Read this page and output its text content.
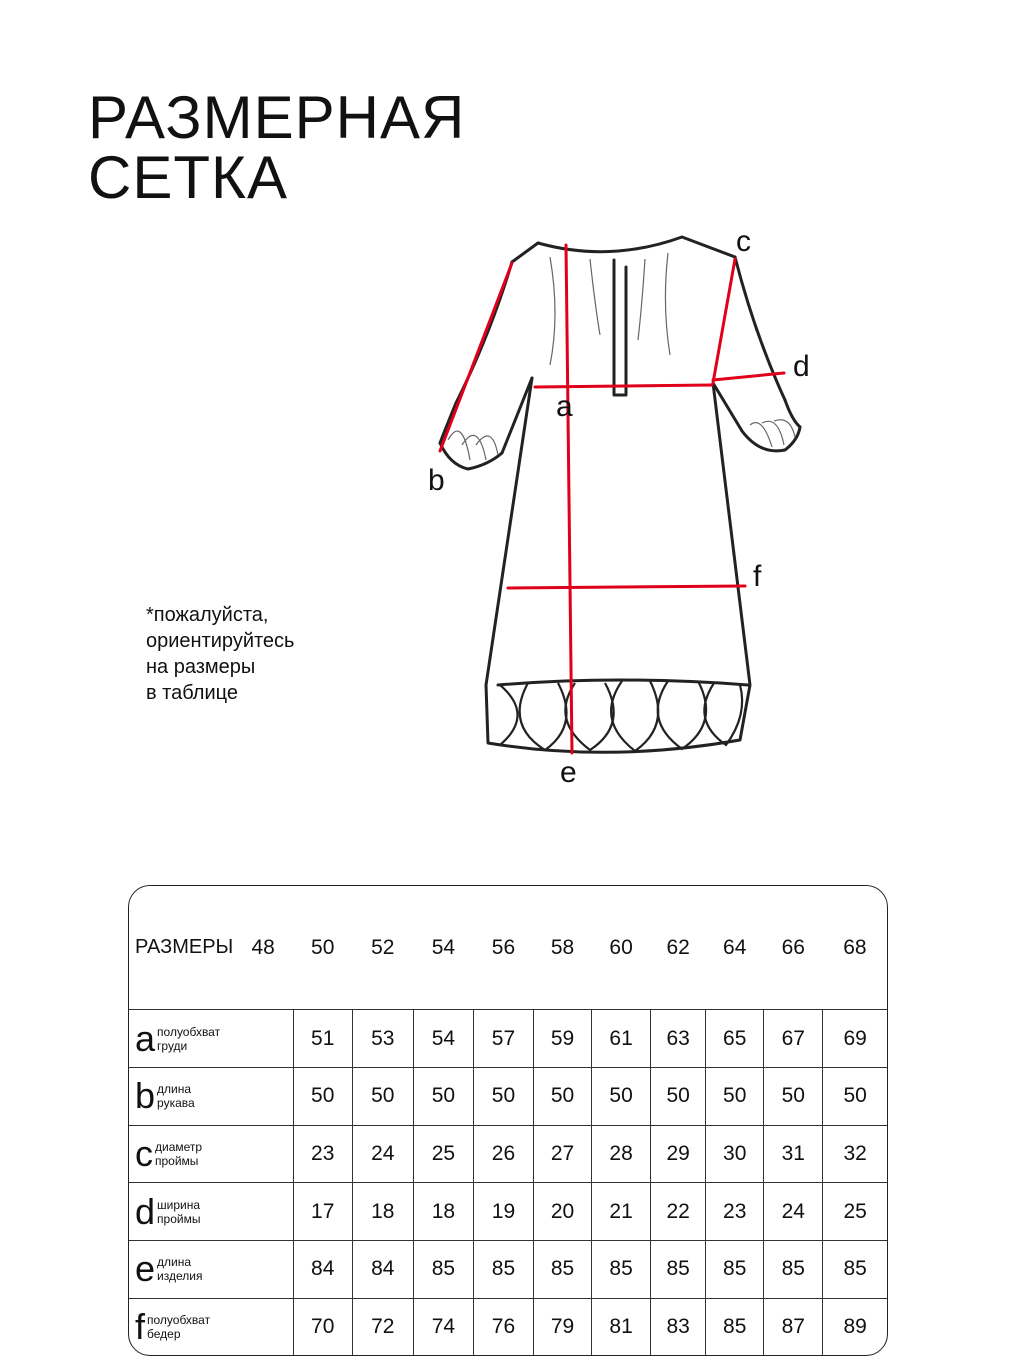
РАЗМЕРНАЯ
СЕТКА
*пожалуйста,
ориентируйтесь
на размеры
в таблице
a
b
c
d
e
f
РАЗМЕРЫ	48	50	52	54	56	58	60	62	64	66	68

a полуобхват
груди		51	53	54	57	59	61	63	65	67	69

b длина
рукава		50	50	50	50	50	50	50	50	50	50

c диаметр
проймы		23	24	25	26	27	28	29	30	31	32

d ширина
проймы		17	18	18	19	20	21	22	23	24	25

e длина
изделия		84	84	85	85	85	85	85	85	85	85

f полуобхват
бедер		70	72	74	76	79	81	83	85	87	89
